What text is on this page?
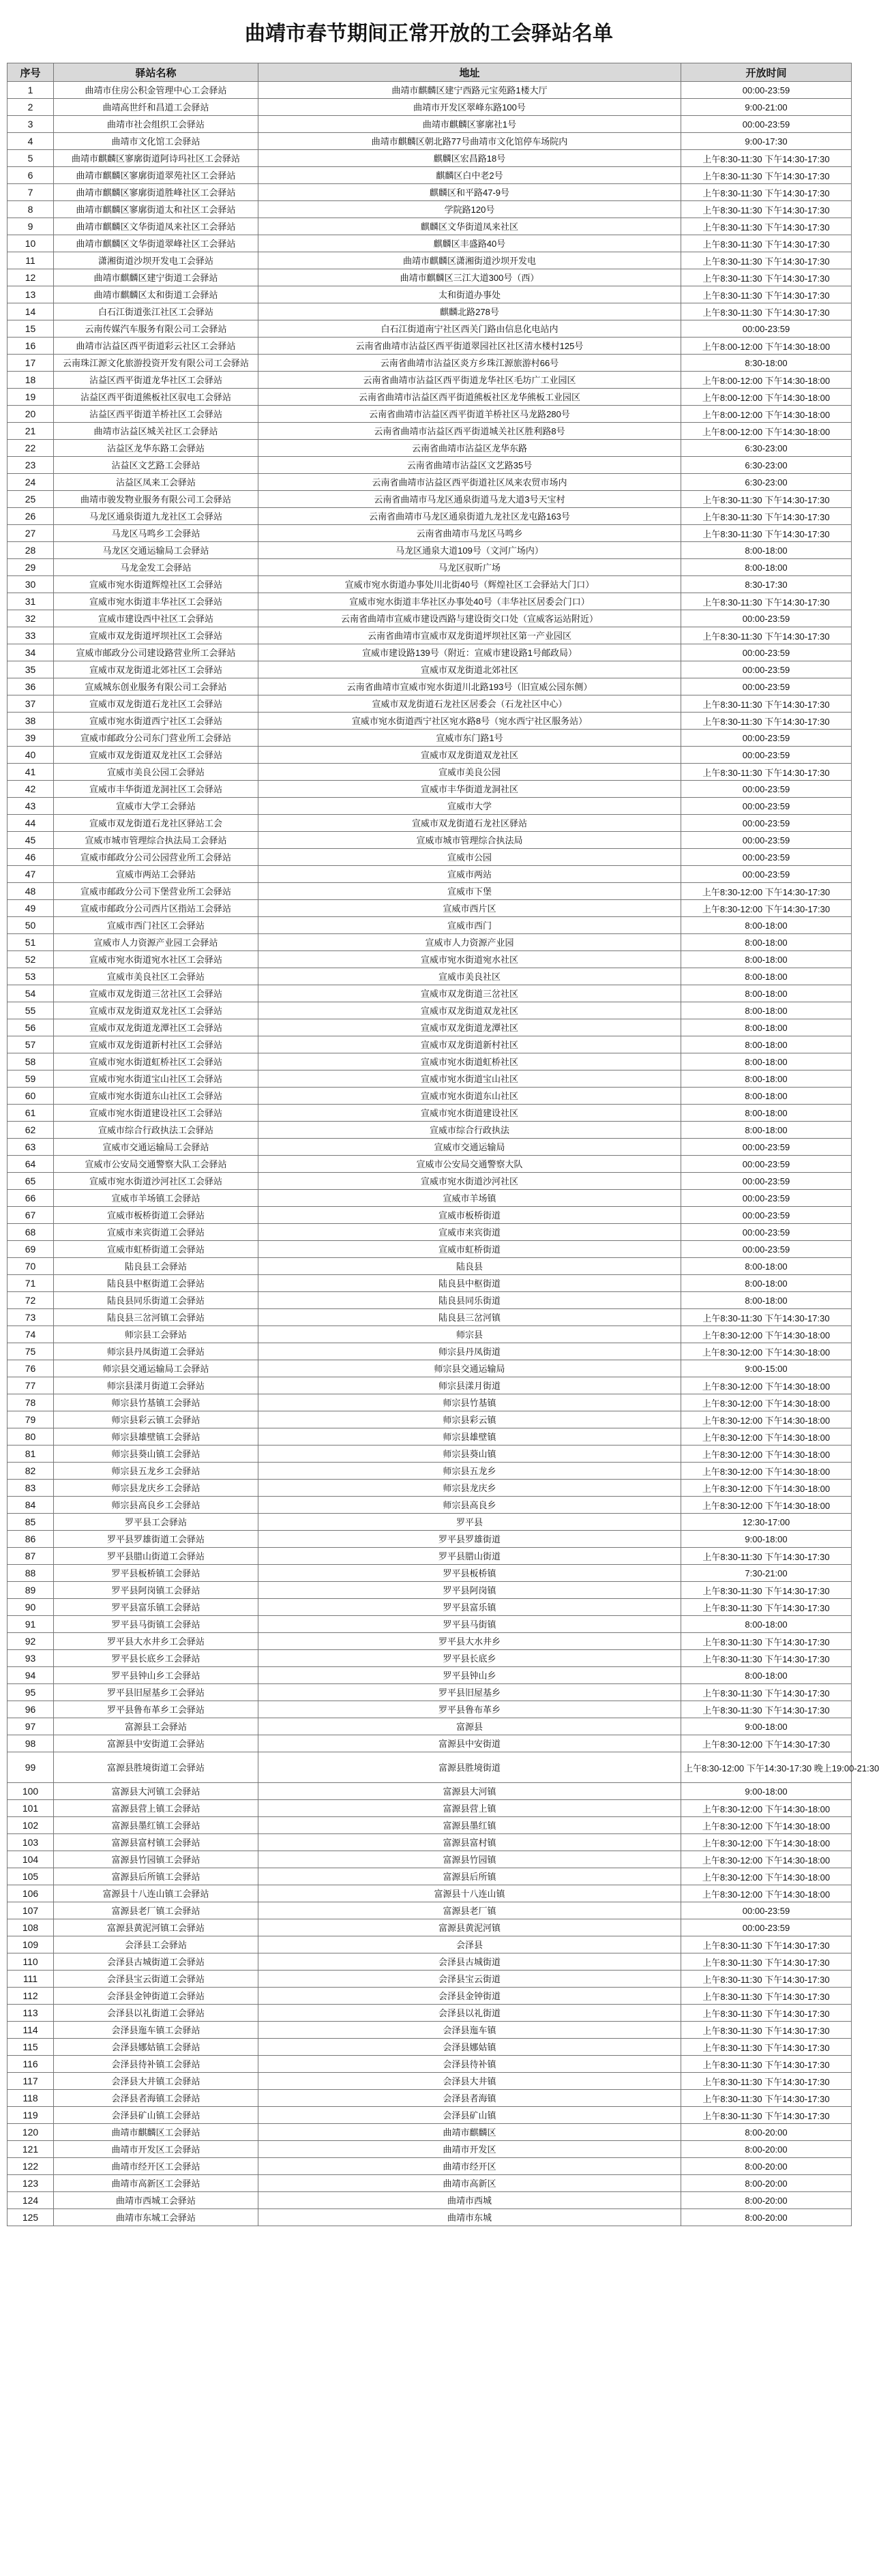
曲靖市春节期间正常开放的工会驿站名单
序号	驿站名称	地址	开放时间
1	曲靖市住房公积金管理中心工会驿站	曲靖市麒麟区建宁西路元宝苑路1楼大厅	00:00-23:59
2	曲靖高世纤和昌道工会驿站	曲靖市开发区翠峰东路100号	9:00-21:00
3	曲靖市社会组织工会驿站	曲靖市麒麟区寥廓社1号	00:00-23:59
4	曲靖市文化馆工会驿站	曲靖市麒麟区朝北路77号曲靖市文化馆停车场院内	9:00-17:30
5	曲靖市麒麟区寥廓街道阿诗玛社区工会驿站	麒麟区宏昌路18号	上午8:30-11:30 下午14:30-17:30
6	曲靖市麒麟区寥廓街道翠苑社区工会驿站	麒麟区白中老2号	上午8:30-11:30 下午14:30-17:30
7	曲靖市麒麟区寥廓街道胜峰社区工会驿站	麒麟区和平路47-9号	上午8:30-11:30 下午14:30-17:30
8	曲靖市麒麟区寥廓街道太和社区工会驿站	学院路120号	上午8:30-11:30 下午14:30-17:30
9	曲靖市麒麟区文华街道凤来社区工会驿站	麒麟区文华街道凤来社区	上午8:30-11:30 下午14:30-17:30
10	曲靖市麒麟区文华街道翠峰社区工会驿站	麒麟区丰盛路40号	上午8:30-11:30 下午14:30-17:30
11	潇湘街道沙坝开发电工会驿站	曲靖市麒麟区潇湘街道沙坝开发电	上午8:30-11:30 下午14:30-17:30
12	曲靖市麒麟区建宁街道工会驿站	曲靖市麒麟区三江大道300号（西）	上午8:30-11:30 下午14:30-17:30
13	曲靖市麒麟区太和街道工会驿站	太和街道办事处	上午8:30-11:30 下午14:30-17:30
14	白石江街道张江社区工会驿站	麒麟北路278号	上午8:30-11:30 下午14:30-17:30
15	云南传媒汽车服务有限公司工会驿站	白石江街道南宁社区西关门路由信息化电站内	00:00-23:59
16	曲靖市沾益区西平街道彩云社区工会驿站	云南省曲靖市沾益区西平街道翠园社区社区清水楼村125号	上午8:00-12:00 下午14:30-18:00
17	云南珠江源文化旅游投资开发有限公司工会驿站	云南省曲靖市沾益区炎方乡珠江源旅游村66号	8:30-18:00
18	沾益区西平街道龙华社区工会驿站	云南省曲靖市沾益区西平街道龙华社区毛坊广工业园区	上午8:00-12:00 下午14:30-18:00
19	沾益区西平街道熊板社区驭电工会驿站	云南省曲靖市沾益区西平街道熊板社区龙华熊板工业园区	上午8:00-12:00 下午14:30-18:00
20	沾益区西平街道羊桥社区工会驿站	云南省曲靖市沾益区西平街道羊桥社区马龙路280号	上午8:00-12:00 下午14:30-18:00
21	曲靖市沾益区城关社区工会驿站	云南省曲靖市沾益区西平街道城关社区胜利路8号	上午8:00-12:00 下午14:30-18:00
22	沾益区龙华东路工会驿站	云南省曲靖市沾益区龙华东路	6:30-23:00
23	沾益区文艺路工会驿站	云南省曲靖市沾益区文艺路35号	6:30-23:00
24	沾益区凤来工会驿站	云南省曲靖市沾益区西平街道社区凤来农贸市场内	6:30-23:00
25	曲靖市骏发物业服务有限公司工会驿站	云南省曲靖市马龙区通泉街道马龙大道3号天宝村	上午8:30-11:30 下午14:30-17:30
26	马龙区通泉街道九龙社区工会驿站	云南省曲靖市马龙区通泉街道九龙社区龙屯路163号	上午8:30-11:30 下午14:30-17:30
27	马龙区马鸣乡工会驿站	云南省曲靖市马龙区马鸣乡	上午8:30-11:30 下午14:30-17:30
28	马龙区交通运输局工会驿站	马龙区通泉大道109号（文河广场内）	8:00-18:00
29	马龙金发工会驿站	马龙区驭昕广场	8:00-18:00
30	宣威市宛水街道辉煌社区工会驿站	宣威市宛水街道办事处川北街40号（辉煌社区工会驿站大门口）	8:30-17:30
31	宣威市宛水街道丰华社区工会驿站	宣威市宛水街道丰华社区办事处40号（丰华社区居委会门口）	上午8:30-11:30 下午14:30-17:30
32	宣威市建设西中社区工会驿站	云南省曲靖市宣威市建设西路与建设街交口处（宣威客运站附近）	00:00-23:59
33	宣威市双龙街道坪坝社区工会驿站	云南省曲靖市宣威市双龙街道坪坝社区第一产业园区	上午8:30-11:30 下午14:30-17:30
34	宣威市邮政分公司建设路营业所工会驿站	宣威市建设路139号（附近：宣威市建设路1号邮政局）	00:00-23:59
35	宣威市双龙街道北郊社区工会驿站	宣威市双龙街道北郊社区	00:00-23:59
36	宣威城东创业服务有限公司工会驿站	云南省曲靖市宣威市宛水街道川北路193号（旧宣威公园东侧）	00:00-23:59
37	宣威市双龙街道石龙社区工会驿站	宣威市双龙街道石龙社区居委会（石龙社区中心）	上午8:30-11:30 下午14:30-17:30
38	宣威市宛水街道西宁社区工会驿站	宣威市宛水街道西宁社区宛水路8号（宛水西宁社区服务站）	上午8:30-11:30 下午14:30-17:30
39	宣威市邮政分公司东门营业所工会驿站	宣威市东门路1号	00:00-23:59
40	宣威市双龙街道双龙社区工会驿站	宣威市双龙街道双龙社区	00:00-23:59
41	宣威市美良公园工会驿站	宣威市美良公园	上午8:30-11:30 下午14:30-17:30
42	宣威市丰华街道龙洞社区工会驿站	宣威市丰华街道龙洞社区	00:00-23:59
43	宣威市大学工会驿站	宣威市大学	00:00-23:59
44	宣威市双龙街道石龙社区驿站工会	宣威市双龙街道石龙社区驿站	00:00-23:59
45	宣威市城市管理综合执法局工会驿站	宣威市城市管理综合执法局	00:00-23:59
46	宣威市邮政分公司公园营业所工会驿站	宣威市公园	00:00-23:59
47	宣威市两站工会驿站	宣威市两站	00:00-23:59
48	宣威市邮政分公司下堡营业所工会驿站	宣威市下堡	上午8:30-12:00 下午14:30-17:30
49	宣威市邮政分公司西片区指站工会驿站	宣威市西片区	上午8:30-12:00 下午14:30-17:30
50	宣威市西门社区工会驿站	宣威市西门	8:00-18:00
51	宣威市人力资源产业园工会驿站	宣威市人力资源产业园	8:00-18:00
52	宣威市宛水街道宛水社区工会驿站	宣威市宛水街道宛水社区	8:00-18:00
53	宣威市美良社区工会驿站	宣威市美良社区	8:00-18:00
54	宣威市双龙街道三岔社区工会驿站	宣威市双龙街道三岔社区	8:00-18:00
55	宣威市双龙街道双龙社区工会驿站	宣威市双龙街道双龙社区	8:00-18:00
56	宣威市双龙街道龙潭社区工会驿站	宣威市双龙街道龙潭社区	8:00-18:00
57	宣威市双龙街道新村社区工会驿站	宣威市双龙街道新村社区	8:00-18:00
58	宣威市宛水街道虹桥社区工会驿站	宣威市宛水街道虹桥社区	8:00-18:00
59	宣威市宛水街道宝山社区工会驿站	宣威市宛水街道宝山社区	8:00-18:00
60	宣威市宛水街道东山社区工会驿站	宣威市宛水街道东山社区	8:00-18:00
61	宣威市宛水街道建设社区工会驿站	宣威市宛水街道建设社区	8:00-18:00
62	宣威市综合行政执法工会驿站	宣威市综合行政执法	8:00-18:00
63	宣威市交通运输局工会驿站	宣威市交通运输局	00:00-23:59
64	宣威市公安局交通警察大队工会驿站	宣威市公安局交通警察大队	00:00-23:59
65	宣威市宛水街道沙河社区工会驿站	宣威市宛水街道沙河社区	00:00-23:59
66	宣威市羊场镇工会驿站	宣威市羊场镇	00:00-23:59
67	宣威市板桥街道工会驿站	宣威市板桥街道	00:00-23:59
68	宣威市来宾街道工会驿站	宣威市来宾街道	00:00-23:59
69	宣威市虹桥街道工会驿站	宣威市虹桥街道	00:00-23:59
70	陆良县工会驿站	陆良县	8:00-18:00
71	陆良县中枢街道工会驿站	陆良县中枢街道	8:00-18:00
72	陆良县同乐街道工会驿站	陆良县同乐街道	8:00-18:00
73	陆良县三岔河镇工会驿站	陆良县三岔河镇	上午8:30-11:30 下午14:30-17:30
74	师宗县工会驿站	师宗县	上午8:30-12:00 下午14:30-18:00
75	师宗县丹凤街道工会驿站	师宗县丹凤街道	上午8:30-12:00 下午14:30-18:00
76	师宗县交通运输局工会驿站	师宗县交通运输局	9:00-15:00
77	师宗县漾月街道工会驿站	师宗县漾月街道	上午8:30-12:00 下午14:30-18:00
78	师宗县竹基镇工会驿站	师宗县竹基镇	上午8:30-12:00 下午14:30-18:00
79	师宗县彩云镇工会驿站	师宗县彩云镇	上午8:30-12:00 下午14:30-18:00
80	师宗县雄壁镇工会驿站	师宗县雄壁镇	上午8:30-12:00 下午14:30-18:00
81	师宗县葵山镇工会驿站	师宗县葵山镇	上午8:30-12:00 下午14:30-18:00
82	师宗县五龙乡工会驿站	师宗县五龙乡	上午8:30-12:00 下午14:30-18:00
83	师宗县龙庆乡工会驿站	师宗县龙庆乡	上午8:30-12:00 下午14:30-18:00
84	师宗县高良乡工会驿站	师宗县高良乡	上午8:30-12:00 下午14:30-18:00
85	罗平县工会驿站	罗平县	12:30-17:00
86	罗平县罗雄街道工会驿站	罗平县罗雄街道	9:00-18:00
87	罗平县腊山街道工会驿站	罗平县腊山街道	上午8:30-11:30 下午14:30-17:30
88	罗平县板桥镇工会驿站	罗平县板桥镇	7:30-21:00
89	罗平县阿岗镇工会驿站	罗平县阿岗镇	上午8:30-11:30 下午14:30-17:30
90	罗平县富乐镇工会驿站	罗平县富乐镇	上午8:30-11:30 下午14:30-17:30
91	罗平县马街镇工会驿站	罗平县马街镇	8:00-18:00
92	罗平县大水井乡工会驿站	罗平县大水井乡	上午8:30-11:30 下午14:30-17:30
93	罗平县长底乡工会驿站	罗平县长底乡	上午8:30-11:30 下午14:30-17:30
94	罗平县钟山乡工会驿站	罗平县钟山乡	8:00-18:00
95	罗平县旧屋基乡工会驿站	罗平县旧屋基乡	上午8:30-11:30 下午14:30-17:30
96	罗平县鲁布革乡工会驿站	罗平县鲁布革乡	上午8:30-11:30 下午14:30-17:30
97	富源县工会驿站	富源县	9:00-18:00
98	富源县中安街道工会驿站	富源县中安街道	上午8:30-12:00 下午14:30-17:30
99	富源县胜境街道工会驿站	富源县胜境街道	上午8:30-12:00 下午14:30-17:30 晚上19:00-21:30
100	富源县大河镇工会驿站	富源县大河镇	9:00-18:00
101	富源县营上镇工会驿站	富源县营上镇	上午8:30-12:00 下午14:30-18:00
102	富源县墨红镇工会驿站	富源县墨红镇	上午8:30-12:00 下午14:30-18:00
103	富源县富村镇工会驿站	富源县富村镇	上午8:30-12:00 下午14:30-18:00
104	富源县竹园镇工会驿站	富源县竹园镇	上午8:30-12:00 下午14:30-18:00
105	富源县后所镇工会驿站	富源县后所镇	上午8:30-12:00 下午14:30-18:00
106	富源县十八连山镇工会驿站	富源县十八连山镇	上午8:30-12:00 下午14:30-18:00
107	富源县老厂镇工会驿站	富源县老厂镇	00:00-23:59
108	富源县黄泥河镇工会驿站	富源县黄泥河镇	00:00-23:59
109	会泽县工会驿站	会泽县	上午8:30-11:30 下午14:30-17:30
110	会泽县古城街道工会驿站	会泽县古城街道	上午8:30-11:30 下午14:30-17:30
111	会泽县宝云街道工会驿站	会泽县宝云街道	上午8:30-11:30 下午14:30-17:30
112	会泽县金钟街道工会驿站	会泽县金钟街道	上午8:30-11:30 下午14:30-17:30
113	会泽县以礼街道工会驿站	会泽县以礼街道	上午8:30-11:30 下午14:30-17:30
114	会泽县迤车镇工会驿站	会泽县迤车镇	上午8:30-11:30 下午14:30-17:30
115	会泽县娜姑镇工会驿站	会泽县娜姑镇	上午8:30-11:30 下午14:30-17:30
116	会泽县待补镇工会驿站	会泽县待补镇	上午8:30-11:30 下午14:30-17:30
117	会泽县大井镇工会驿站	会泽县大井镇	上午8:30-11:30 下午14:30-17:30
118	会泽县者海镇工会驿站	会泽县者海镇	上午8:30-11:30 下午14:30-17:30
119	会泽县矿山镇工会驿站	会泽县矿山镇	上午8:30-11:30 下午14:30-17:30
120	曲靖市麒麟区工会驿站	曲靖市麒麟区	8:00-20:00
121	曲靖市开发区工会驿站	曲靖市开发区	8:00-20:00
122	曲靖市经开区工会驿站	曲靖市经开区	8:00-20:00
123	曲靖市高新区工会驿站	曲靖市高新区	8:00-20:00
124	曲靖市西城工会驿站	曲靖市西城	8:00-20:00
125	曲靖市东城工会驿站	曲靖市东城	8:00-20:00
